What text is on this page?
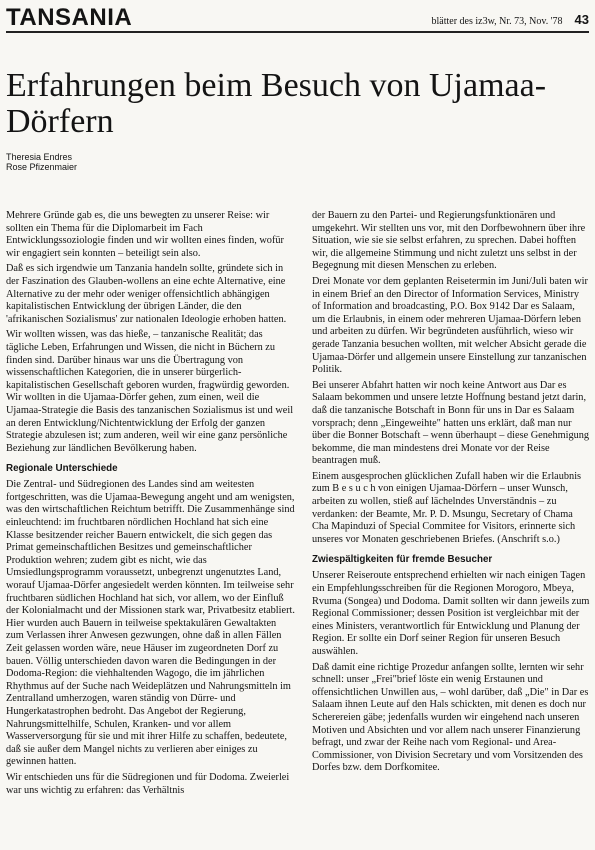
TANSANIA	blätter des iz3w, Nr. 73, Nov. '78 43
Erfahrungen beim Besuch von Ujamaa-Dörfern
Theresia Endres
Rose Pfizenmaier

Mehrere Gründe gab es, die uns bewegten zu unserer Reise: wir sollten ein Thema für die Diplomarbeit im Fach Entwicklungssoziologie finden und wir wollten eines finden, wofür wir engagiert sein konnten – beteiligt sein also.

Daß es sich irgendwie um Tanzania handeln sollte, gründete sich in der Faszination des Glauben-wollens an eine echte Alternative, eine Alternative zu der mehr oder weniger offensichtlich abhängigen kapitalistischen Entwicklung der übrigen Länder, die den 'afrikanischen Sozialismus' zur nationalen Ideologie erhoben hatten.

Wir wollten wissen, was das hieße, – tanzanische Realität; das tägliche Leben, Erfahrungen und Wissen, die nicht in Büchern zu finden sind. Darüber hinaus war uns die Übertragung von wissenschaftlichen Kategorien, die in unserer bürgerlich-kapitalistischen Gesellschaft geboren wurden, fragwürdig geworden. Wir wollten in die Ujamaa-Dörfer gehen, zum einen, weil die Ujamaa-Strategie die Basis des tanzanischen Sozialismus ist und weil an deren Entwicklung/Nichtentwicklung der Erfolg der ganzen Strategie abzulesen ist; zum anderen, weil wir eine ganz persönliche Beziehung zur ländlichen Bevölkerung haben.

Regionale Unterschiede

Die Zentral- und Südregionen des Landes sind am weitesten fortgeschritten, was die Ujamaa-Bewegung angeht und am wenigsten, was den wirtschaftlichen Reichtum betrifft. Die Zusammenhänge sind einleuchtend: im fruchtbaren nördlichen Hochland hat sich eine Klasse besitzender reicher Bauern entwickelt, die sich gegen das Primat gemeinschaftlichen Besitzes und gemeinschaftlicher Produktion wehren; zudem gibt es nicht, wie das Umsiedlungsprogramm voraussetzt, unbegrenzt ungenutztes Land, worauf Ujamaa-Dörfer angesiedelt werden könnten. Im teilweise sehr fruchtbaren südlichen Hochland hat sich, vor allem, wo der Einfluß der Kolonialmacht und der Missionen stark war, Privatbesitz etabliert. Hier wurden auch Bauern in teilweise spektakulären Gewaltakten zum Verlassen ihrer Anwesen gezwungen, ohne daß in allen Fällen Zeit gelassen worden wäre, neue Häuser im zugeordneten Dorf zu bauen. Völlig unterschieden davon waren die Bedingungen in der Dodoma-Region: die viehhaltenden Wagogo, die im jährlichen Rhythmus auf der Suche nach Weideplätzen und Nahrungsmitteln im Zentralland umherzogen, waren ständig von Dürre- und Hungerkatastrophen bedroht. Das Angebot der Regierung, Nahrungsmittelhilfe, Schulen, Kranken- und vor allem Wasserversorgung für sie und mit ihrer Hilfe zu schaffen, bedeutete, daß sie außer dem Mangel nichts zu verlieren aber einiges zu gewinnen hatten.

Wir entschieden uns für die Südregionen und für Dodoma. Zweierlei war uns wichtig zu erfahren: das Verhältnis

der Bauern zu den Partei- und Regierungsfunktionären und umgekehrt. Wir stellten uns vor, mit den Dorfbewohnern über ihre Situation, wie sie sie selbst erfahren, zu sprechen. Dabei hofften wir, die allgemeine Stimmung und nicht zuletzt uns selbst in der Begegnung mit diesen Menschen zu erleben.

Drei Monate vor dem geplanten Reisetermin im Juni/Juli baten wir in einem Brief an den Director of Information Services, Ministry of Information and broadcasting, P.O. Box 9142 Dar es Salaam, um die Erlaubnis, in einem oder mehreren Ujamaa-Dörfern leben und arbeiten zu dürfen. Wir begründeten ausführlich, wieso wir gerade Tanzania besuchen wollten, mit welcher Absicht gerade die Ujamaa-Dörfer und allgemein unsere Einstellung zur tanzanischen Politik.

Bei unserer Abfahrt hatten wir noch keine Antwort aus Dar es Salaam bekommen und unsere letzte Hoffnung bestand jetzt darin, daß die tanzanische Botschaft in Bonn für uns in Dar es Salaam vorsprach; denn „Eingeweihte" hatten uns erklärt, daß man nur über die Bonner Botschaft – wenn überhaupt – diese Genehmigung bekomme, die man mindestens drei Monate vor der Reise beantragen muß.

Einem ausgesprochen glücklichen Zufall haben wir die Erlaubnis zum B e s u c h von einigen Ujamaa-Dörfern – unser Wunsch, arbeiten zu wollen, stieß auf lächelndes Unverständnis – zu verdanken: der Beamte, Mr. P. D. Msungu, Secretary of Chama Cha Mapinduzi of Special Commitee for Visitors, erinnerte sich unseres vor Monaten geschriebenen Briefes. (Anschrift s.o.)

Zwiespältigkeiten für fremde Besucher

Unserer Reiseroute entsprechend erhielten wir nach einigen Tagen ein Empfehlungsschreiben für die Regionen Morogoro, Mbeya, Rvuma (Songea) und Dodoma. Damit sollten wir dann jeweils zum Regional Commissioner; dessen Position ist vergleichbar mit der eines Ministers, verantwortlich für Entwicklung und Planung der Region. Er sollte ein Dorf seiner Region für unseren Besuch auswählen.

Daß damit eine richtige Prozedur anfangen sollte, lernten wir sehr schnell: unser „Frei"brief löste ein wenig Erstaunen und offensichtlichen Unwillen aus, – wohl darüber, daß „Die" in Dar es Salaam ihnen Leute auf den Hals schickten, mit denen es doch nur Scherereien gäbe; jedenfalls wurden wir eingehend nach unseren Motiven und Absichten und vor allem nach unserer Finanzierung befragt, und zwar der Reihe nach vom Regional- und Area-Commissioner, von Division Secretary und vom Vorsitzenden des Dorfes bzw. dem Dorfkomitee.
